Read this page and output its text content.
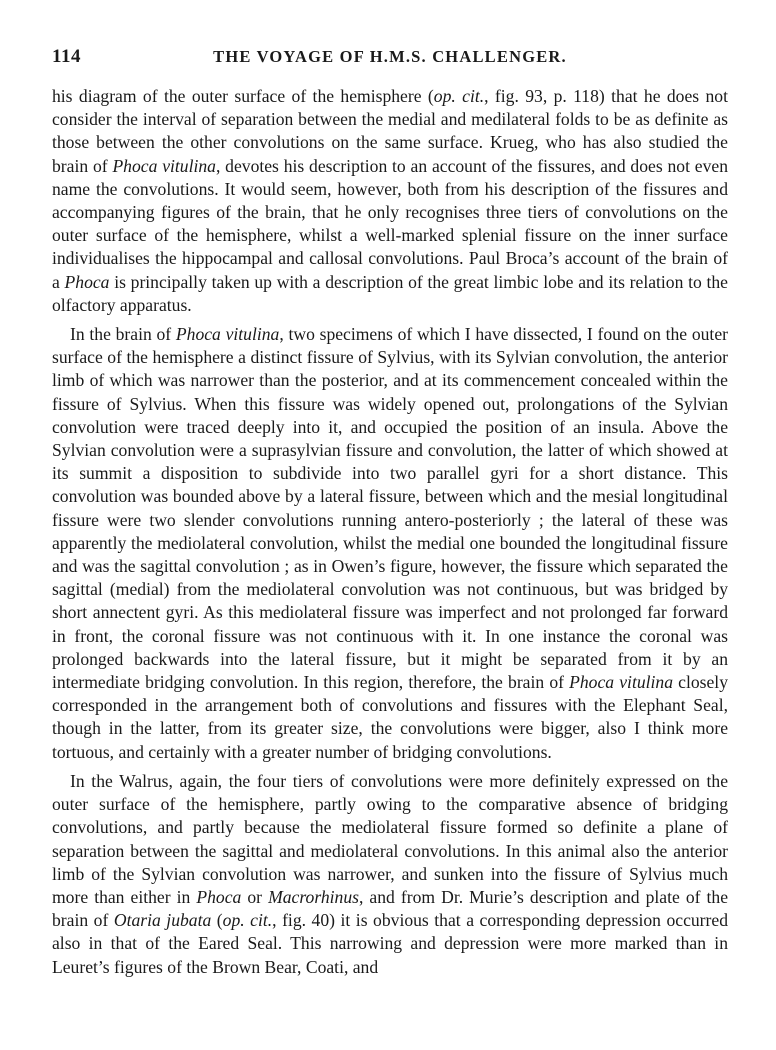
114	THE VOYAGE OF H.M.S. CHALLENGER.

his diagram of the outer surface of the hemisphere (op. cit., fig. 93, p. 118) that he does not consider the interval of separation between the medial and medilateral folds to be as definite as those between the other convolutions on the same surface. Krueg, who has also studied the brain of Phoca vitulina, devotes his description to an account of the fissures, and does not even name the convolutions. It would seem, however, both from his description of the fissures and accompanying figures of the brain, that he only recognises three tiers of convolutions on the outer surface of the hemisphere, whilst a well-marked splenial fissure on the inner surface individualises the hippocampal and callosal convolutions. Paul Broca’s account of the brain of a Phoca is principally taken up with a description of the great limbic lobe and its relation to the olfactory apparatus.

In the brain of Phoca vitulina, two specimens of which I have dissected, I found on the outer surface of the hemisphere a distinct fissure of Sylvius, with its Sylvian convolution, the anterior limb of which was narrower than the posterior, and at its commencement concealed within the fissure of Sylvius. When this fissure was widely opened out, prolongations of the Sylvian convolution were traced deeply into it, and occupied the position of an insula. Above the Sylvian convolution were a suprasylvian fissure and convolution, the latter of which showed at its summit a disposition to subdivide into two parallel gyri for a short distance. This convolution was bounded above by a lateral fissure, between which and the mesial longitudinal fissure were two slender convolutions running antero-posteriorly ; the lateral of these was apparently the mediolateral convolution, whilst the medial one bounded the longitudinal fissure and was the sagittal convolution ; as in Owen’s figure, however, the fissure which separated the sagittal (medial) from the mediolateral convolution was not continuous, but was bridged by short annectent gyri. As this mediolateral fissure was imperfect and not prolonged far forward in front, the coronal fissure was not continuous with it. In one instance the coronal was prolonged backwards into the lateral fissure, but it might be separated from it by an intermediate bridging convolution. In this region, therefore, the brain of Phoca vitulina closely corresponded in the arrangement both of convolutions and fissures with the Elephant Seal, though in the latter, from its greater size, the convolutions were bigger, also I think more tortuous, and certainly with a greater number of bridging convolutions.

In the Walrus, again, the four tiers of convolutions were more definitely expressed on the outer surface of the hemisphere, partly owing to the comparative absence of bridging convolutions, and partly because the mediolateral fissure formed so definite a plane of separation between the sagittal and mediolateral convolutions. In this animal also the anterior limb of the Sylvian convolution was narrower, and sunken into the fissure of Sylvius much more than either in Phoca or Macrorhinus, and from Dr. Murie’s description and plate of the brain of Otaria jubata (op. cit., fig. 40) it is obvious that a corresponding depression occurred also in that of the Eared Seal. This narrowing and depression were more marked than in Leuret’s figures of the Brown Bear, Coati, and
